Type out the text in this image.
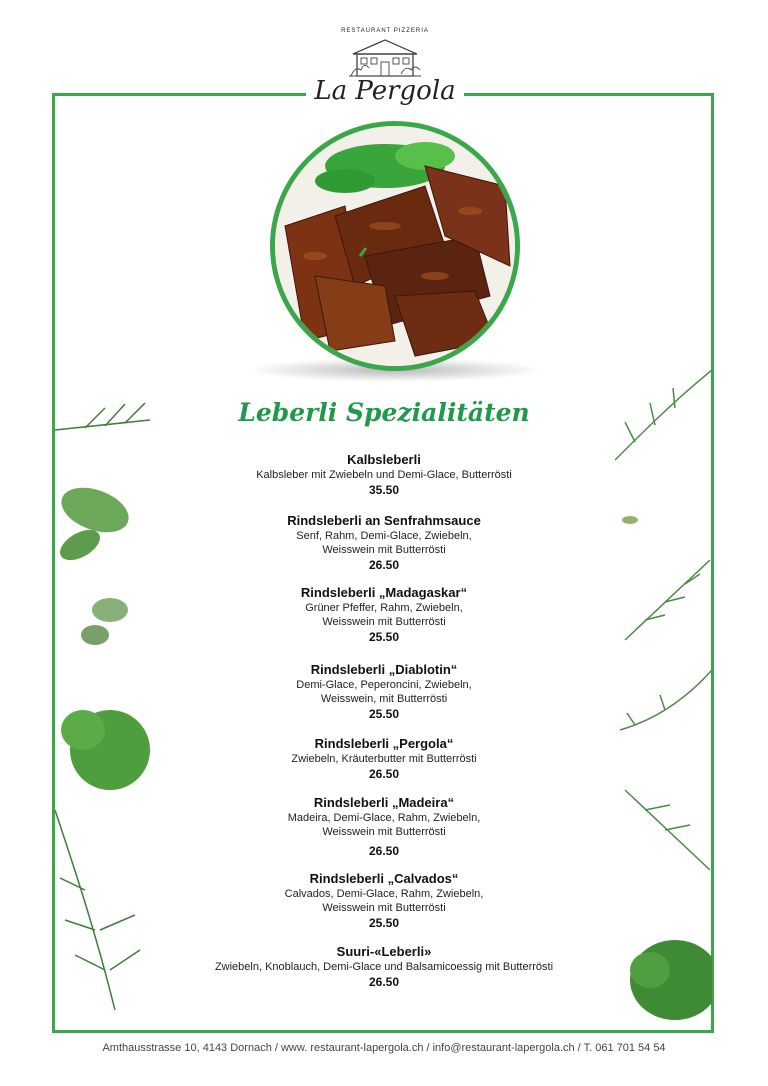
RESTAURANT PIZZERIA
La Pergola
Leberli Spezialitäten
Kalbsleberli
Kalbsleber mit Zwiebeln und Demi-Glace, Butterrösti
35.50
Rindsleberli an Senfrahmsauce
Senf, Rahm, Demi-Glace, Zwiebeln,
Weisswein mit Butterrösti
26.50
Rindsleberli „Madagaskar“
Grüner Pfeffer, Rahm, Zwiebeln,
Weisswein mit Butterrösti
25.50
Rindsleberli „Diablotin“
Demi-Glace, Peperoncini, Zwiebeln,
Weisswein, mit Butterrösti
25.50
Rindsleberli „Pergola“
Zwiebeln, Kräuterbutter mit Butterrösti
26.50
Rindsleberli „Madeira“
Madeira, Demi-Glace, Rahm, Zwiebeln,
Weisswein mit Butterrösti
26.50
Rindsleberli „Calvados“
Calvados, Demi-Glace, Rahm, Zwiebeln,
Weisswein mit Butterrösti
25.50
Suuri-«Leberli»
Zwiebeln, Knoblauch, Demi-Glace und Balsamicoessig mit Butterrösti
26.50
Amthausstrasse 10, 4143 Dornach / www. restaurant-lapergola.ch / info@restaurant-lapergola.ch / T. 061 701 54 54
